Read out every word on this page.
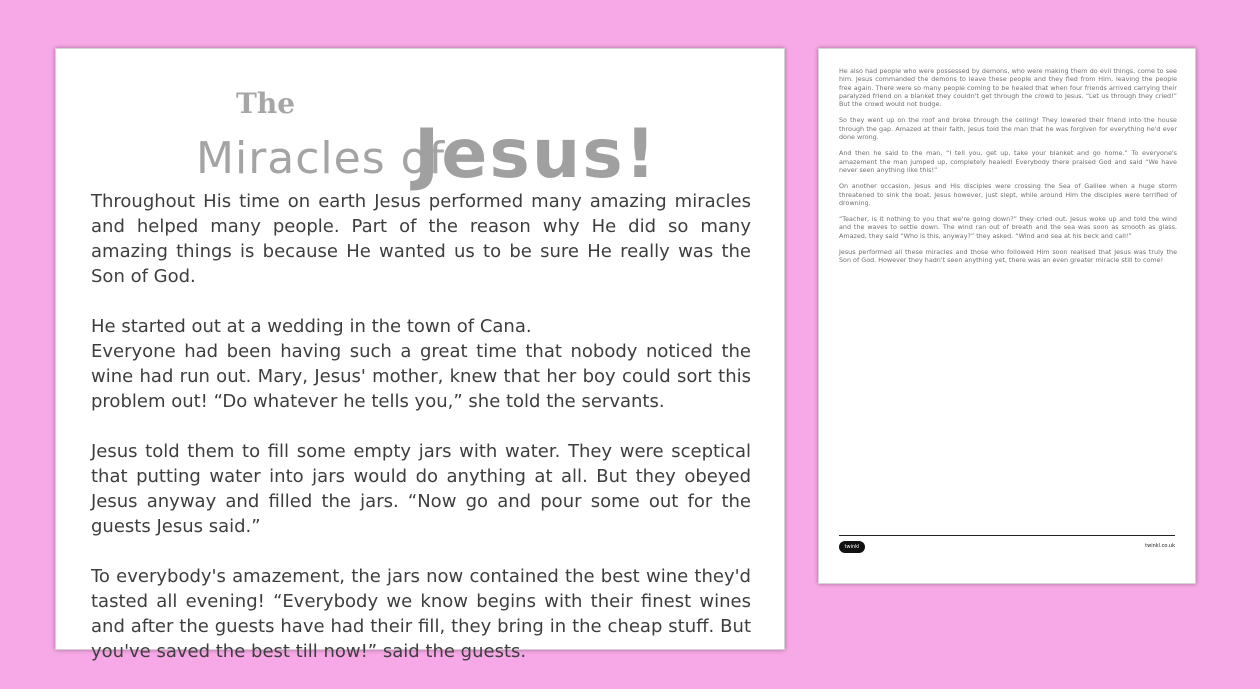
The
Miracles of
Jesus!

Throughout His time on earth Jesus performed many amazing miracles and helped many people. Part of the reason why He did so many amazing things is because He wanted us to be sure He really was the Son of God.

He started out at a wedding in the town of Cana.
Everyone had been having such a great time that nobody noticed the wine had run out. Mary, Jesus' mother, knew that her boy could sort this problem out! “Do whatever he tells you,” she told the servants.

Jesus told them to fill some empty jars with water. They were sceptical that putting water into jars would do anything at all. But they obeyed Jesus anyway and filled the jars. “Now go and pour some out for the guests Jesus said.”

To everybody's amazement, the jars now contained the best wine they'd tasted all evening! “Everybody we know begins with their finest wines and after the guests have had their fill, they bring in the cheap stuff. But you've saved the best till now!” said the guests.

He also had people who were possessed by demons, who were making them do evil things, come to see him. Jesus commanded the demons to leave these people and they fled from Him, leaving the people free again. There were so many people coming to be healed that when four friends arrived carrying their paralyzed friend on a blanket they couldn't get through the crowd to Jesus. “Let us through they cried!” But the crowd would not budge.

So they went up on the roof and broke through the ceiling! They lowered their friend into the house through the gap. Amazed at their faith, Jesus told the man that he was forgiven for everything he'd ever done wrong.

And then he said to the man, “I tell you, get up, take your blanket and go home.” To everyone's amazement the man jumped up, completely healed! Everybody there praised God and said “We have never seen anything like this!”

On another occasion, Jesus and His disciples were crossing the Sea of Galilee when a huge storm threatened to sink the boat. Jesus however, just slept, while around Him the disciples were terrified of drowning.

“Teacher, is it nothing to you that we're going down?” they cried out. Jesus woke up and told the wind and the waves to settle down. The wind ran out of breath and the sea was soon as smooth as glass. Amazed, they said “Who is this, anyway?” they asked. “Wind and sea at his beck and call!”

Jesus performed all these miracles and those who followed Him soon realised that Jesus was truly the Son of God. However they hadn't seen anything yet, there was an even greater miracle still to come!

twinkl	twinkl.co.uk
